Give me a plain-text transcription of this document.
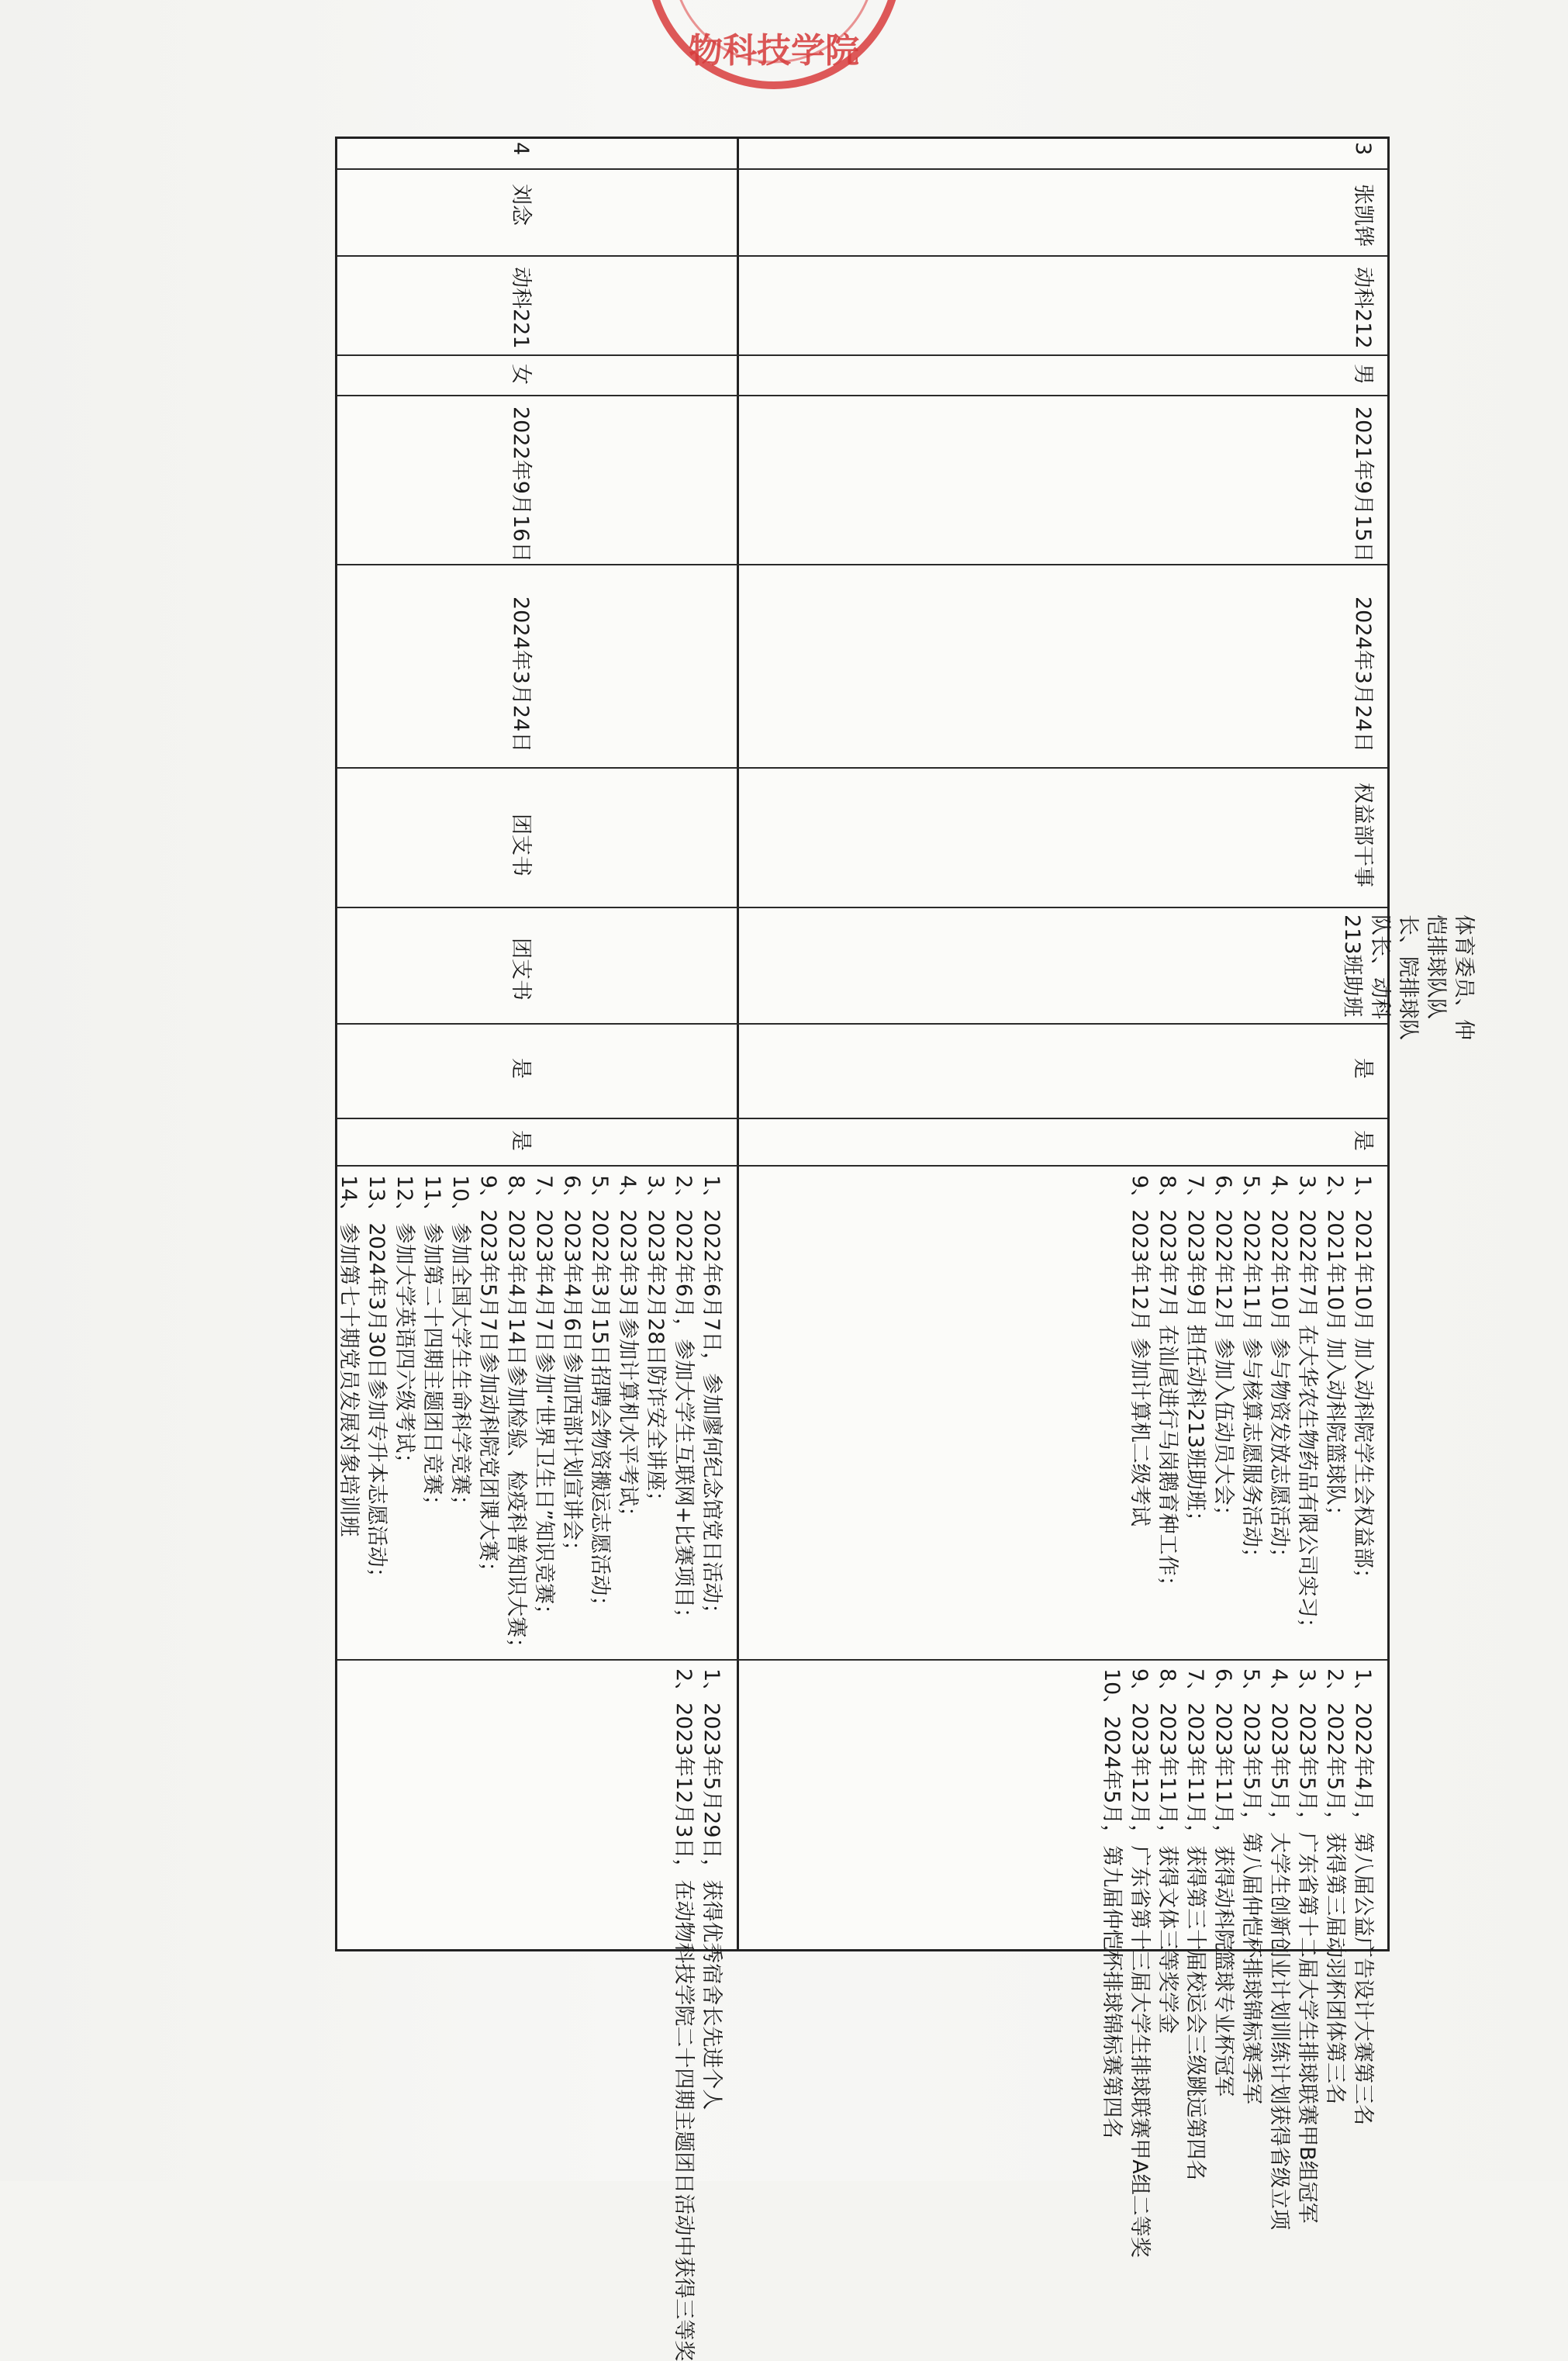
物科技学院
3
张凯铧
动科212
男
2021年9月15日
2024年3月24日
权益部干事
体育委员、仲恺排球队队长、院排球队队长、动科213班助班
是
是
1、2021年10月 加入动科院学生会权益部；
2、2021年10月 加入动科院篮球队；
3、2022年7月 在大华农生物药品有限公司实习；
4、2022年10月 参与物资发放志愿活动；
5、2022年11月 参与核算志愿服务活动；
6、2022年12月 参加入伍动员大会；
7、2023年9月 担任动科213班助班；
8、2023年7月 在汕尾进行马岗鹅育种工作；
9、2023年12月 参加计算机二级考试
1、2022年4月，第八届公益广告设计大赛第三名
2、2022年5月，获得第三届动羽杯团体第三名
3、2023年5月，广东省第十二届大学生排球联赛甲B组冠军
4、2023年5月，大学生创新创业计划训练计划获得省级立项
5、2023年5月，第八届仲恺杯排球锦标赛季军
6、2023年11月，获得动科院篮球专业杯冠军
7、2023年11月，获得第三十届校运会三级跳远第四名
8、2023年11月，获得文体三等奖学金
9、2023年12月，广东省第十三届大学生排球联赛甲A组二等奖
10、2024年5月，第九届仲恺杯排球锦标赛第四名
4
刘念
动科221
女
2022年9月16日
2024年3月24日
团支书
团支书
是
是
1、2022年6月7日，参加廖何纪念馆党日活动；
2、2022年6月，参加大学生互联网+比赛项目；
3、2023年2月28日防诈安全讲座；
4、2023年3月参加计算机水平考试；
5、2022年3月15日招聘会物资搬运志愿活动；
6、2023年4月6日参加西部计划宣讲会；
7、2023年4月7日参加“世界卫生日”知识竞赛；
8、2023年4月14日参加检验、检疫科普知识大赛；
9、2023年5月7日参加动科院党团课大赛；
10、参加全国大学生生命科学竞赛；
11、参加第二十四期主题团日竞赛；
12、参加大学英语四六级考试；
13、2024年3月30日参加专升本志愿活动；
14、参加第七十期党员发展对象培训班
1、2023年5月29日，获得优秀宿舍长先进个人
2、2023年12月3日，在动物科技学院二十四期主题团日活动中获得三等奖
